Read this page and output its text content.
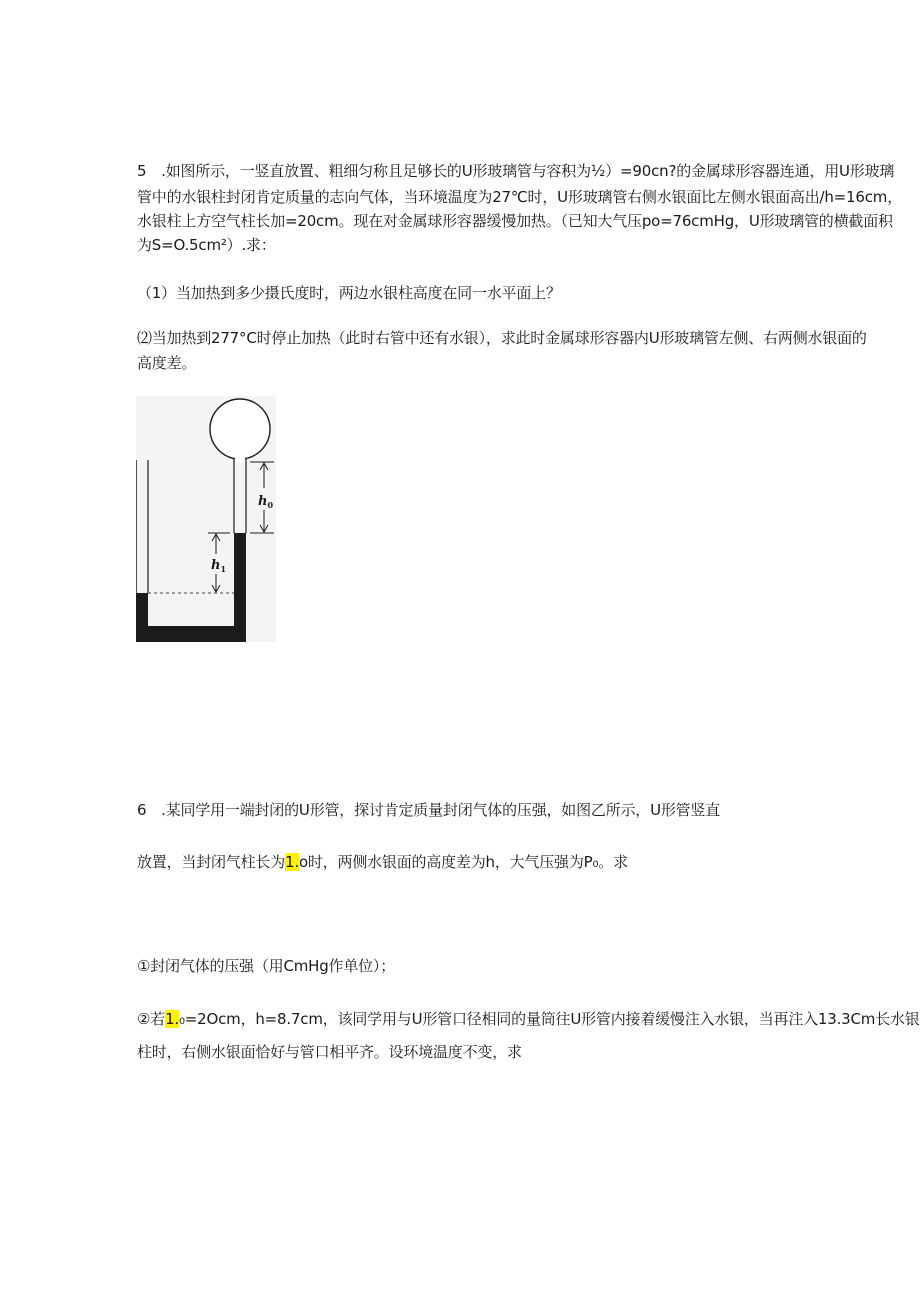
5　.如图所示，一竖直放置、粗细匀称且足够长的U形玻璃管与容积为½）=90cn?的金属球形容器连通，用U形玻璃
管中的水银柱封闭肯定质量的志向气体，当环境温度为27℃时，U形玻璃管右侧水银面比左侧水银面高出/h=16cm，
水银柱上方空气柱长加=20cm。现在对金属球形容器缓慢加热。（已知大气压po=76cmHg，U形玻璃管的横截面积
为S=O.5cm²）.求：
（1）当加热到多少摄氏度时，两边水银柱高度在同一水平面上？
⑵当加热到277°C时停止加热（此时右管中还有水银），求此时金属球形容器内U形玻璃管左侧、右两侧水银面的
高度差。
$h_0$
$h_1$
6　.某同学用一端封闭的U形管，探讨肯定质量封闭气体的压强，如图乙所示，U形管竖直
放置，当封闭气柱长为1.o时，两侧水银面的高度差为h，大气压强为P₀。求
①封闭气体的压强（用CmHg作单位）；
②若1.₀=2Ocm，h=8.7cm，该同学用与U形管口径相同的量筒往U形管内接着缓慢注入水银，当再注入13.3Cm长水银
柱时，右侧水银面恰好与管口相平齐。设环境温度不变，求
